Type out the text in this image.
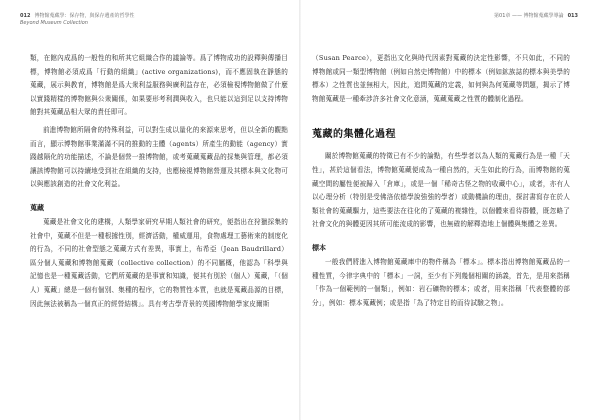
012 博物館蒐藏學：保存物，與保存遺產的哲學性
Beyond Museum Collection

類，在館內成爲的一般性的和所其它組織合作的議論等。爲了博物成功的設釋與傳播目標，博物館必須成爲「行動的組織」(active organizations)，而不應固執在靜態的蒐藏，展示與教育，博物館是爲大衆利益服務與廣利益存在，必須檢視博物館做了什麼以實踐精樣的博物館與公衆關係，如果要形考利潤與收入，也只能以這到足以支持博物館對其蒐藏品相大眾的責任即可。

前進博物館所隔會的特殊利益，可以對生成以量化的來源來思考，但以全新的觀點而言，顯示博物館事業滿滿不同的推動的主體（agents）所產生的動能（agency）實踐越隔化的功能描述，不論是個營一推博物館，或考蒐藏蒐藏品的採集與管理，都必須讓該博物館可以持續地受到社在組織的支持，也應檢視博物館營運及其標本與文化物可以與應該創造的社會文化利益。

蒐藏

蒐藏是社會文化的建構，人類學家研究早期人類社會的研究，便指出在狩獵採集的社會中，蒐藏不但是一種根據性別，經濟活動，權威運用，食物處理工藝術來的制度化的行為，不同的社會型態之蒐藏方式有差異，事實上，布希亞（Jean Baudrillard）區分個人蒐藏和博物館蒐藏（collective collection）的不同屬概，他認為「科學與記憶也是一種蒐藏活動，它們所蒐藏的是事實和知識，便其有別於（個人）蒐藏，「（個人）蒐藏」總是一個有個別、集種的程序，它的物質性本質，也就是蒐藏品源的目標，因此無法被稱為一個真正的經營結構」。具有考古學背景的英國博物館學家皮爾斯

第01章 —— 博物館蒐藏學導論 013

（Susan Pearce），更指出文化與時代因素對蒐藏的決定性影響，不只如此，不同的博物館或同一類型博物館（例如自然史博物館）中的標本（例如鉱族誌的標本與美學的標本）之性質也並無相大，因此，追問蒐藏的定義，如何與為何蒐藏等問題，揭示了博物館蒐藏是一種牽涉許多社會文化意涵，蒐藏蒐藏之性質的體制化過程。

蒐藏的集體化過程

關於博物館蒐藏的特徵已有不少的論點，有些學者以為人類的蒐藏行為是一種「天性」，甚於這個看法，博物館蒐藏便成為一種自然的，天生如此的行為，而博物館的蒐藏空間的屬性便被歸入「倉庫」，或是一個「稀奇古怪之物的收藏中心」，或者，亦有人以心理分析（特別是受佛洛依德學說強強的學者）或動機論的理由，探討書寫存在於人類社會的蒐藏驅力，這些要法在往化的了蒐藏的複雜性，以個體來看待群體，既忽略了社會文化的與體更因其所可能流成的影響，也無確的解釋造地上個體與集體之差異。

標本

一般我們將進入博物館蒐藏庫中的物件稱為「標本」。標本指出博物館蒐藏品的一種性質，今律字典中的「標本」一詞，至少有下列幾個相關的涵義，首先，是用來指稱「作為一個範例的一個類」，例如：岩石礦物的標本；或者，用來指稱「代表整體的部分」，例如：標本蒐藏例；或是指「為了特定目的而待試驗之物」。
